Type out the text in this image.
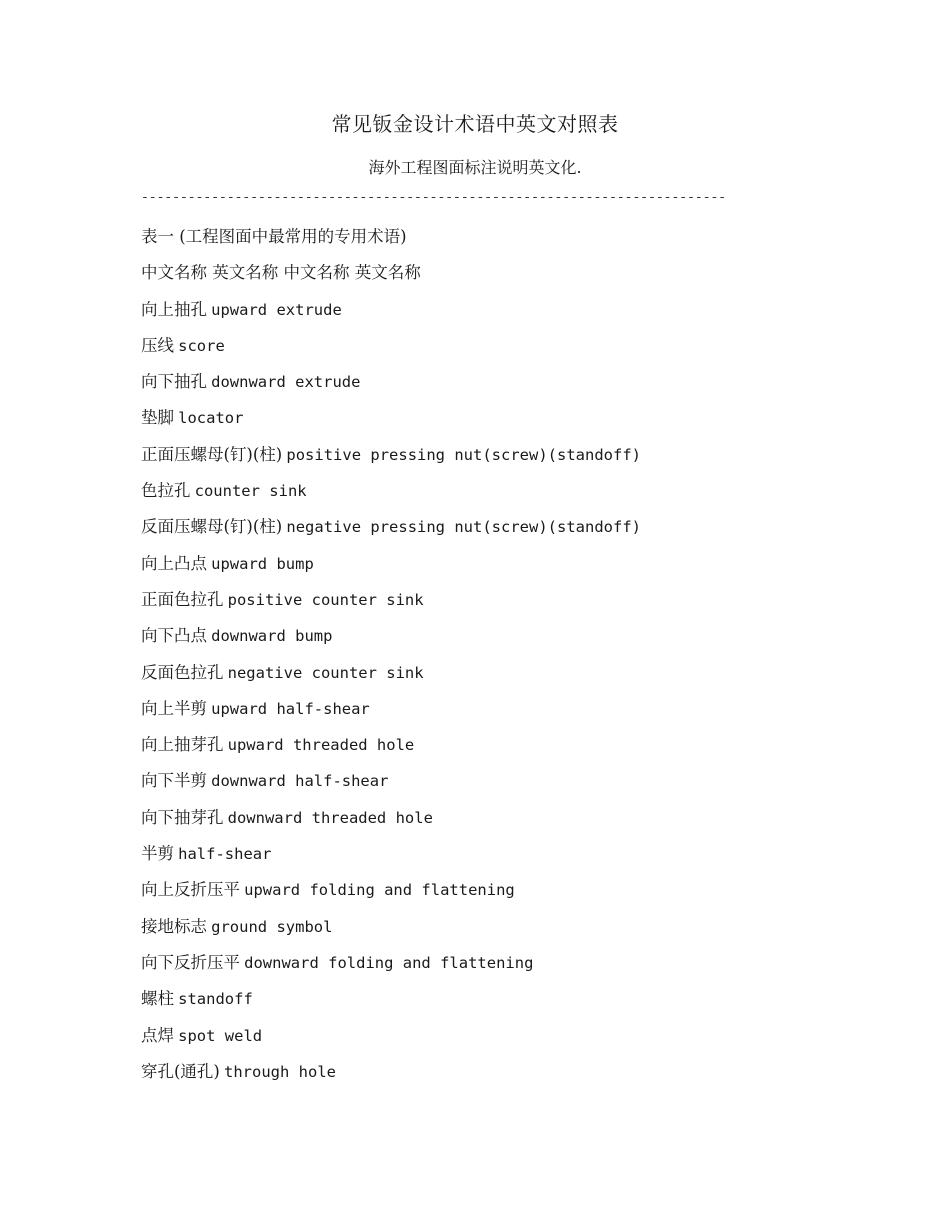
常见钣金设计术语中英文对照表
海外工程图面标注说明英文化.
---------------------------------------------------------------------------
表一 (工程图面中最常用的专用术语)
中文名称 英文名称 中文名称 英文名称
向上抽孔 upward extrude
压线 score
向下抽孔 downward extrude
垫脚 locator
正面压螺母(钉)(柱) positive pressing nut(screw)(standoff)
色拉孔 counter sink
反面压螺母(钉)(柱) negative pressing nut(screw)(standoff)
向上凸点 upward bump
正面色拉孔 positive counter sink
向下凸点 downward bump
反面色拉孔 negative counter sink
向上半剪 upward half-shear
向上抽芽孔 upward threaded hole
向下半剪 downward half-shear
向下抽芽孔 downward threaded hole
半剪 half-shear
向上反折压平 upward folding and flattening
接地标志 ground symbol
向下反折压平 downward folding and flattening
螺柱 standoff
点焊 spot weld
穿孔(通孔) through hole
